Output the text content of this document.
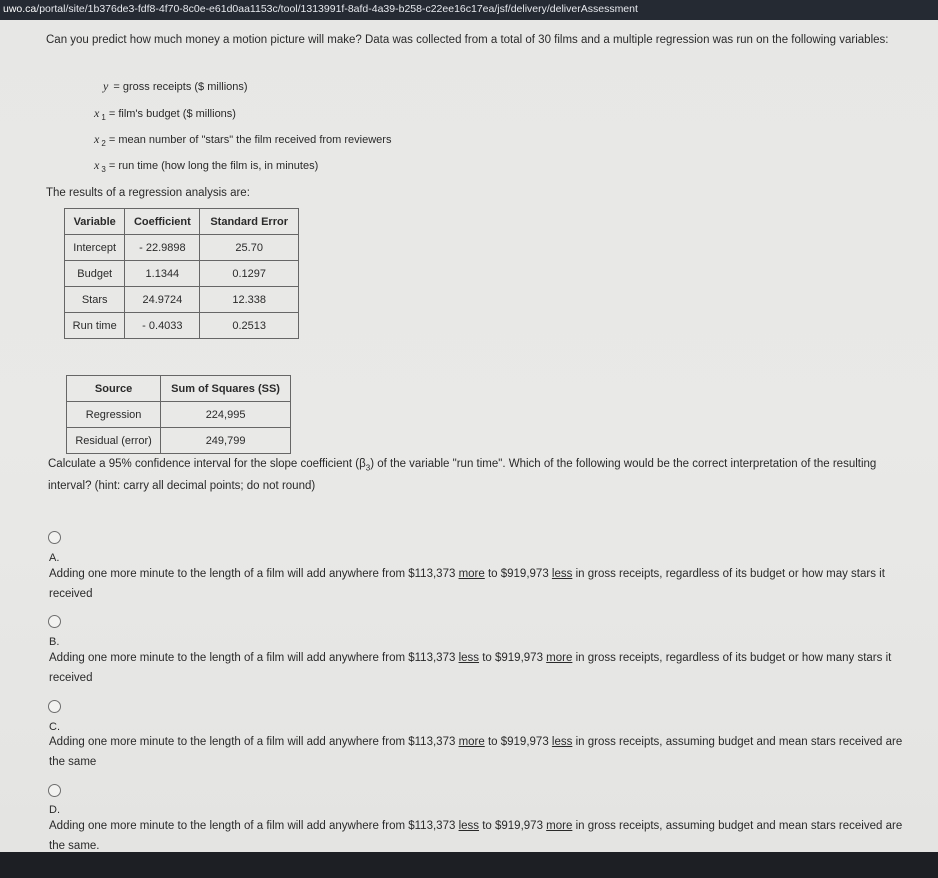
uwo.ca/portal/site/1b376de3-fdf8-4f70-8c0e-e61d0aa1153c/tool/1313991f-8afd-4a39-b258-c22ee16c17ea/jsf/delivery/deliverAssessment
Can you predict how much money a motion picture will make? Data was collected from a total of 30 films and a multiple regression was run on the following variables:
y = gross receipts ($ millions)
x $_1$ = film's budget ($ millions)
x $_2$ = mean number of "stars" the film received from reviewers
x $_3$ = run time (how long the film is, in minutes)
The results of a regression analysis are:
Variable	Coefficient	Standard Error
Intercept	- 22.9898	25.70
Budget	1.1344	0.1297
Stars	24.9724	12.338
Run time	- 0.4033	0.2513
Source	Sum of Squares (SS)
Regression	224,995
Residual (error)	249,799
Calculate a 95% confidence interval for the slope coefficient $(\beta_3)$ of the variable "run time". Which of the following would be the correct interpretation of the resulting interval? (hint: carry all decimal points; do not round)
A.
Adding one more minute to the length of a film will add anywhere from $113,373 more to $919,973 less in gross receipts, regardless of its budget or how may stars it received
B.
Adding one more minute to the length of a film will add anywhere from $113,373 less to $919,973 more in gross receipts, regardless of its budget or how many stars it received
C.
Adding one more minute to the length of a film will add anywhere from $113,373 more to $919,973 less in gross receipts, assuming budget and mean stars received are the same
D.
Adding one more minute to the length of a film will add anywhere from $113,373 less to $919,973 more in gross receipts, assuming budget and mean stars received are the same.
